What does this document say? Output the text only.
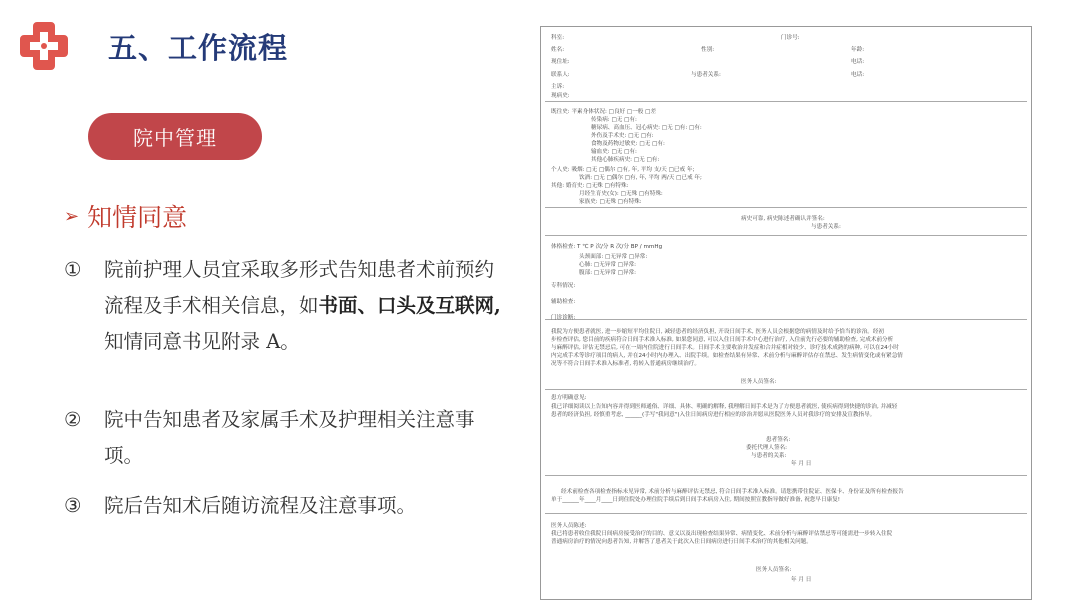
五、工作流程
院中管理
➢ 知情同意
①	院前护理人员宜采取多形式告知患者术前预约流程及手术相关信息，如书面、口头及互联网,知情同意书见附录 A。
②	院中告知患者及家属手术及护理相关注意事项。
③	院后告知术后随访流程及注意事项。
科室:	门诊号:
姓名:	性别:	年龄:
现住址:	电话:
联系人:	与患者关系:	电话:
主诉:
现病史:
既往史: 平素身体状况: □良好 □一般 □差
传染病: □无 □有:
糖尿病、高血压、冠心病史: □无 □有: □有:
外伤及手术史: □无 □有:
食物及药物过敏史: □无 □有:
输血史: □无 □有:
其他心肺疾病史: □无 □有:
个人史: 吸烟: □无 □偶尔 □有, 年, 平均 支/天 □已戒 年;
饮酒: □无 □偶尔 □有, 年, 平均 两/天 □已戒 年;
其他: 婚育史: □无殊 □有特殊:
月经生育史(女): □无殊 □有特殊:
家族史: □无殊 □有特殊:
病史可靠, 病史陈述者确认并签名:
与患者关系:
体格检查: T ℃ P 次/分 R 次/分 BP / mmHg
头颈面部: □无异常 □异常:
心肺: □无异常 □异常:
腹部: □无异常 □异常:
专科情况:
辅助检查:
门诊诊断:
我院为方便患者就医, 进一步缩短平均住院日, 减轻患者的经济负担, 开设日间手术, 医务人员会根据您的病情及时给予恰当的诊治。经初
步检查评估, 您目前的疾病符合日间手术准入标准, 如果您同意, 可以入住日间手术中心进行治疗, 入住前先行必要的辅助检查, 完成术前分析
与麻醉评估, 评估无禁忌后, 可在一周内住院进行日间手术。日间手术主要收治并发症和合并症相对较少、诊疗技术成熟的病种, 可以在24小时
内完成手术等诊疗项目的病人, 并在24小时内办理入、出院手续。如检查结果有异常、术前分析与麻醉评估存在禁忌、发生病情变化或有紧急情
况等不符合日间手术准入标准者, 将转入普通病房继续治疗。
医务人员签名:
患方明确意见:
我已详细阅读以上告知内容并得到医师通俗、详细、具体、明确的解释, 我理解日间手术是为了方便患者就医, 使疾病得到快捷的诊治, 并减轻
患者的经济负担, 经慎重考虑, ______(手写"我同意")入住日间病房进行相应的诊治并愿从医院医务人员对我诊疗的安排及宣教指导。
患者签名:
委托代理人签名:
与患者的关系:
年 月 日
经术前检查各项检查指标未见异常, 术前分析与麻醉评估无禁忌, 符合日间手术准入标准。请您携带住院证、医保卡、身份证及所有检查报告
单于______年____月____日到住院处办理住院手续后到日间手术病房入住, 期间按照宣教指导做好准备, 祝您早日康复!
医务人员陈述:
我已将患者收住我院日间病房接受治疗的目的、意义以及出现检查结果异常、病情变化、术前分析与麻醉评估禁忌等可能需进一步转入住院
普通病房治疗的情况向患者告知, 并解答了患者关于此次入住日间病房进行日间手术治疗的其他相关问题。
医务人员签名:
年 月 日
